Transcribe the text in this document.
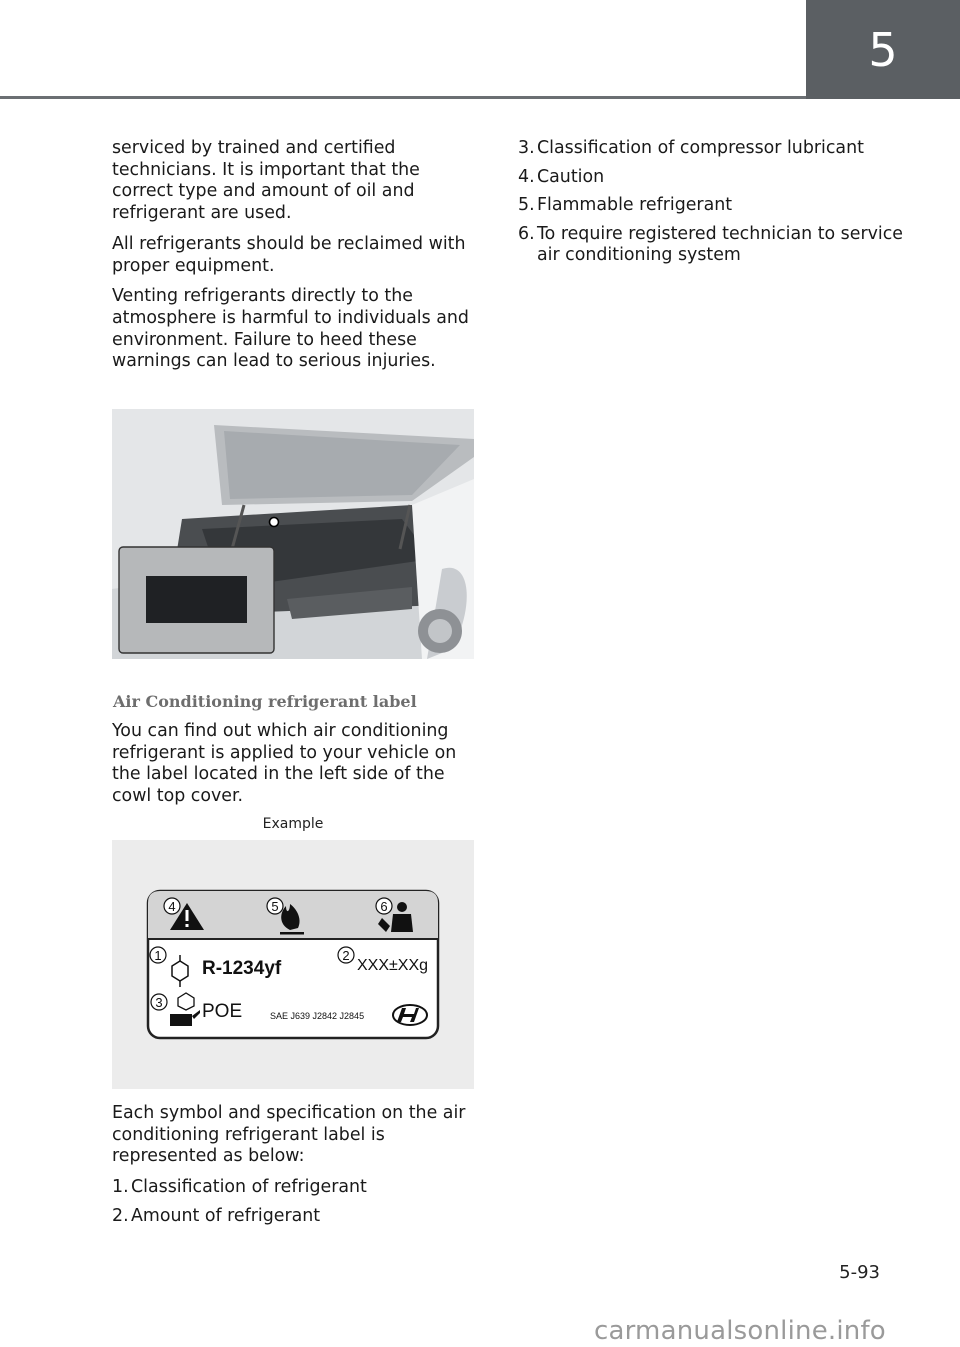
5

serviced by trained and certified technicians. It is important that the correct type and amount of oil and refrigerant are used.

All refrigerants should be reclaimed with proper equipment.

Venting refrigerants directly to the atmosphere is harmful to individuals and environment. Failure to heed these warnings can lead to serious injuries.

Air Conditioning refrigerant label

You can find out which air conditioning refrigerant is applied to your vehicle on the label located in the left side of the cowl top cover.

Example
R-1234yf	XXX±XXg
POE	SAE J639 J2842 J2845
4	5	6
1	2
3

Each symbol and specification on the air conditioning refrigerant label is represented as below:

1. Classification of refrigerant
2. Amount of refrigerant
3. Classification of compressor lubricant
4. Caution
5. Flammable refrigerant
6. To require registered technician to service air conditioning system
5-93
carmanualsonline.info
